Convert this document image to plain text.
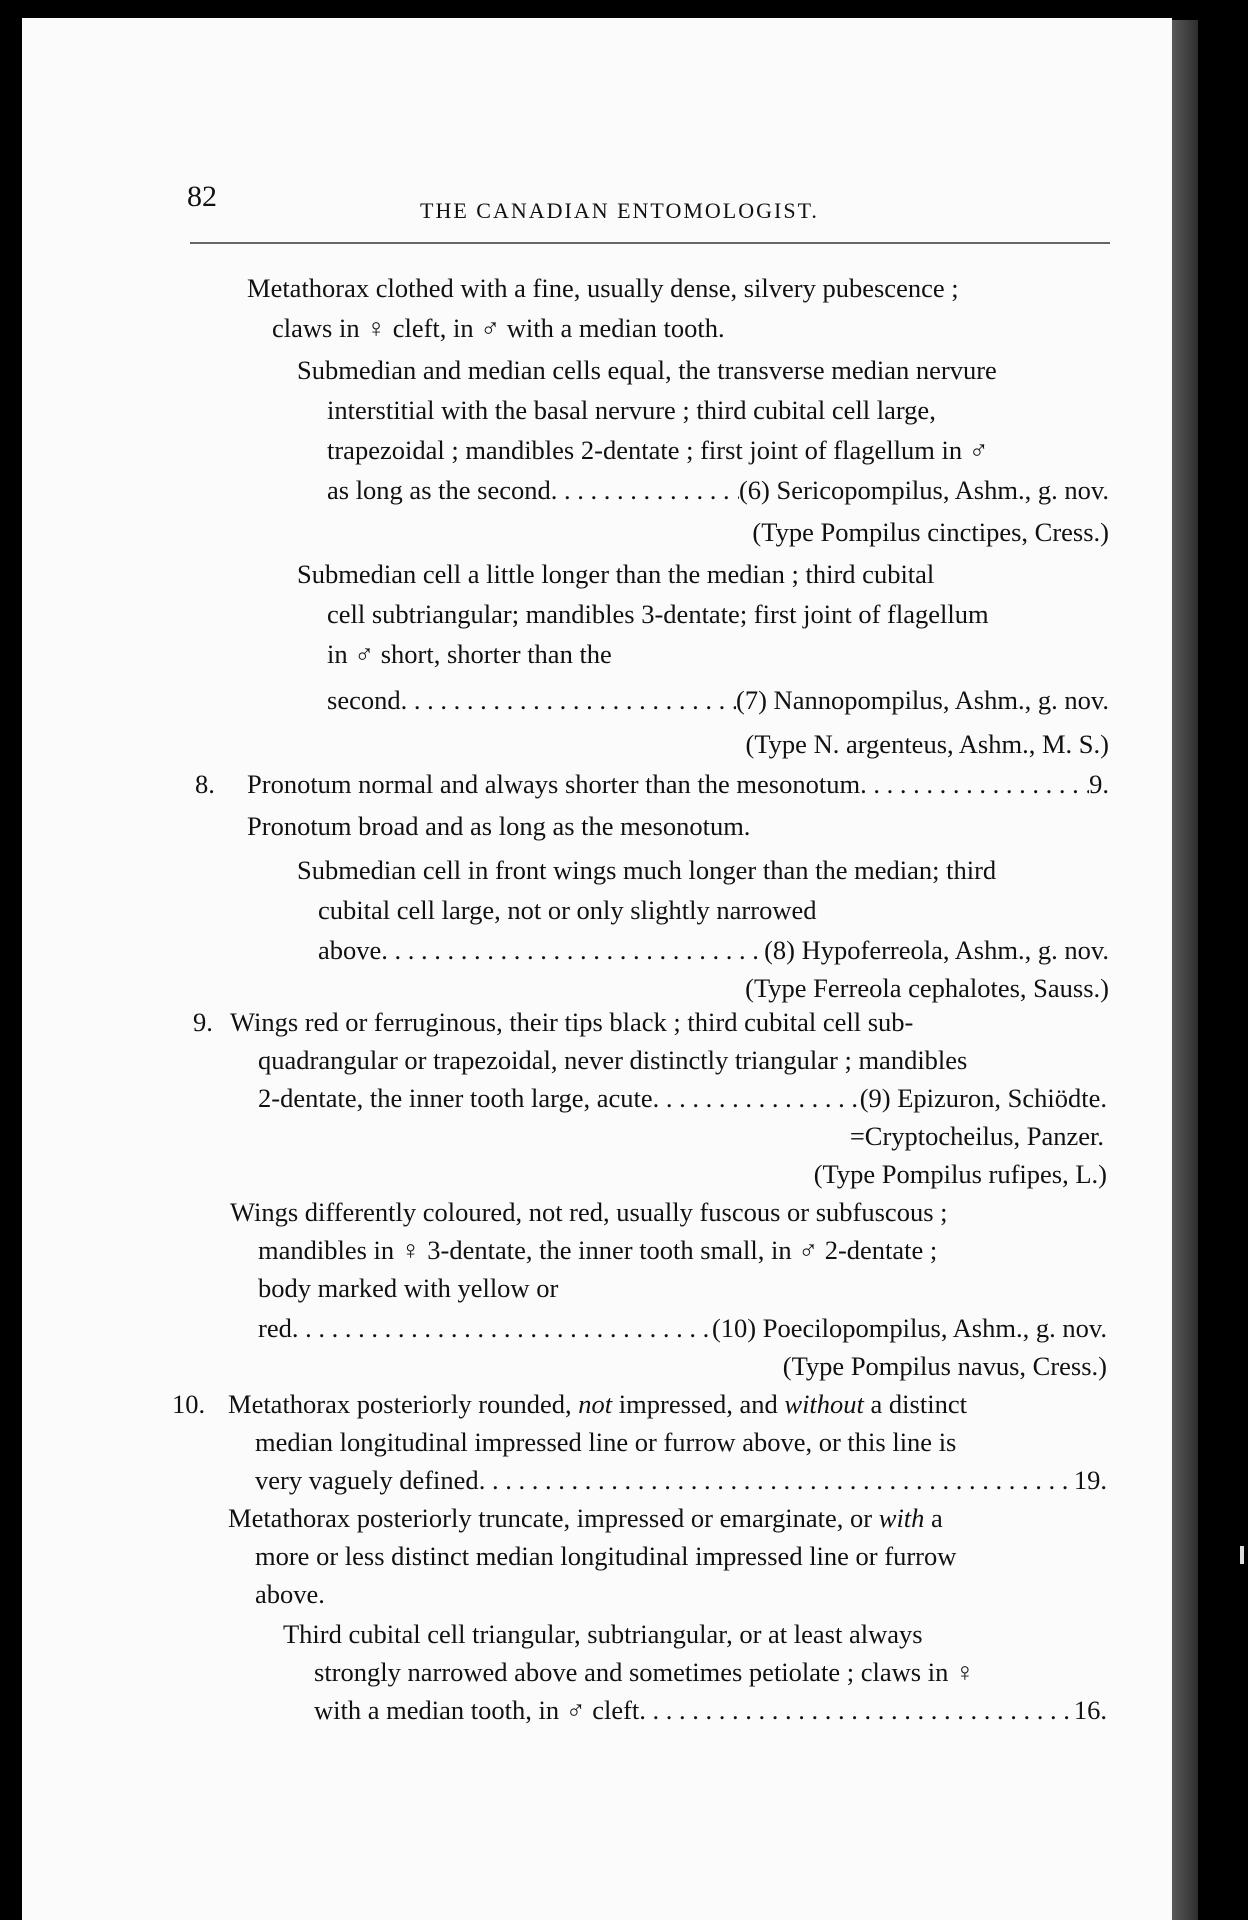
82	THE CANADIAN ENTOMOLOGIST.
Metathorax clothed with a fine, usually dense, silvery pubescence ;
claws in ♀ cleft, in ♂ with a median tooth.
Submedian and median cells equal, the transverse median nervure
interstitial with the basal nervure ; third cubital cell large,
trapezoidal ; mandibles 2-dentate ; first joint of flagellum in ♂
as long as the second . . .	(6) Sericopompilus, Ashm., g. nov.
(Type Pompilus cinctipes, Cress.)
Submedian cell a little longer than the median ; third cubital
cell subtriangular; mandibles 3-dentate; first joint of flagellum
in ♂ short, shorter than the
second . . .	(7) Nannopompilus, Ashm., g. nov.
(Type N. argenteus, Ashm., M. S.)
8. Pronotum normal and always shorter than the mesonotum . . .	9.
Pronotum broad and as long as the mesonotum.
Submedian cell in front wings much longer than the median; third
cubital cell large, not or only slightly narrowed
above . . .	(8) Hypoferreola, Ashm., g. nov.
(Type Ferreola cephalotes, Sauss.)
9. Wings red or ferruginous, their tips black ; third cubital cell sub-
quadrangular or trapezoidal, never distinctly triangular ; mandibles
2-dentate, the inner tooth large, acute . . .	(9) Epizuron, Schiödte.
=Cryptocheilus, Panzer.
(Type Pompilus rufipes, L.)
Wings differently coloured, not red, usually fuscous or subfuscous ;
mandibles in ♀ 3-dentate, the inner tooth small, in ♂ 2-dentate ;
body marked with yellow or
red . . .	(10) Poecilopompilus, Ashm., g. nov.
(Type Pompilus navus, Cress.)
10. Metathorax posteriorly rounded, not impressed, and without a distinct
median longitudinal impressed line or furrow above, or this line is
very vaguely defined . . .	19.
Metathorax posteriorly truncate, impressed or emarginate, or with a
more or less distinct median longitudinal impressed line or furrow
above.
Third cubital cell triangular, subtriangular, or at least always
strongly narrowed above and sometimes petiolate ; claws in ♀
with a median tooth, in ♂ cleft . . .	16.
